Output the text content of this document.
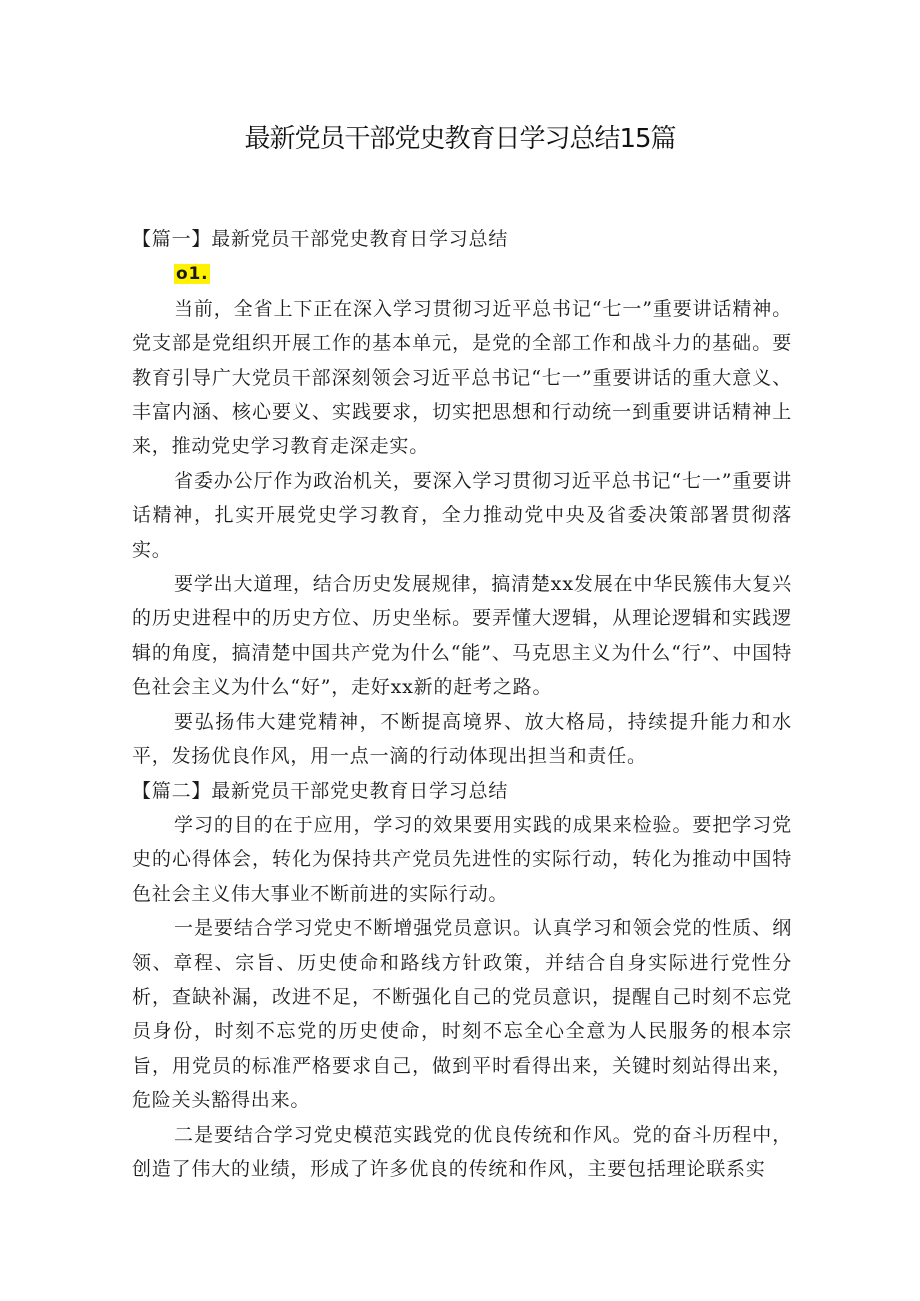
最新党员干部党史教育日学习总结15篇

【篇一】最新党员干部党史教育日学习总结

o1.

当前，全省上下正在深入学习贯彻习近平总书记“七一”重要讲话精神。党支部是党组织开展工作的基本单元，是党的全部工作和战斗力的基础。要教育引导广大党员干部深刻领会习近平总书记“七一”重要讲话的重大意义、丰富内涵、核心要义、实践要求，切实把思想和行动统一到重要讲话精神上来，推动党史学习教育走深走实。

省委办公厅作为政治机关，要深入学习贯彻习近平总书记“七一”重要讲话精神，扎实开展党史学习教育，全力推动党中央及省委决策部署贯彻落实。

要学出大道理，结合历史发展规律，搞清楚xx发展在中华民簇伟大复兴的历史进程中的历史方位、历史坐标。要弄懂大逻辑，从理论逻辑和实践逻辑的角度，搞清楚中国共产党为什么“能”、马克思主义为什么“行”、中国特色社会主义为什么“好”，走好xx新的赶考之路。

要弘扬伟大建党精神，不断提高境界、放大格局，持续提升能力和水平，发扬优良作风，用一点一滴的行动体现出担当和责任。

【篇二】最新党员干部党史教育日学习总结

学习的目的在于应用，学习的效果要用实践的成果来检验。要把学习党史的心得体会，转化为保持共产党员先进性的实际行动，转化为推动中国特色社会主义伟大事业不断前进的实际行动。

一是要结合学习党史不断增强党员意识。认真学习和领会党的性质、纲领、章程、宗旨、历史使命和路线方针政策，并结合自身实际进行党性分析，查缺补漏，改进不足，不断强化自己的党员意识，提醒自己时刻不忘党员身份，时刻不忘党的历史使命，时刻不忘全心全意为人民服务的根本宗旨，用党员的标准严格要求自己，做到平时看得出来，关键时刻站得出来，危险关头豁得出来。

二是要结合学习党史模范实践党的优良传统和作风。党的奋斗历程中，创造了伟大的业绩，形成了许多优良的传统和作风，主要包括理论联系实
